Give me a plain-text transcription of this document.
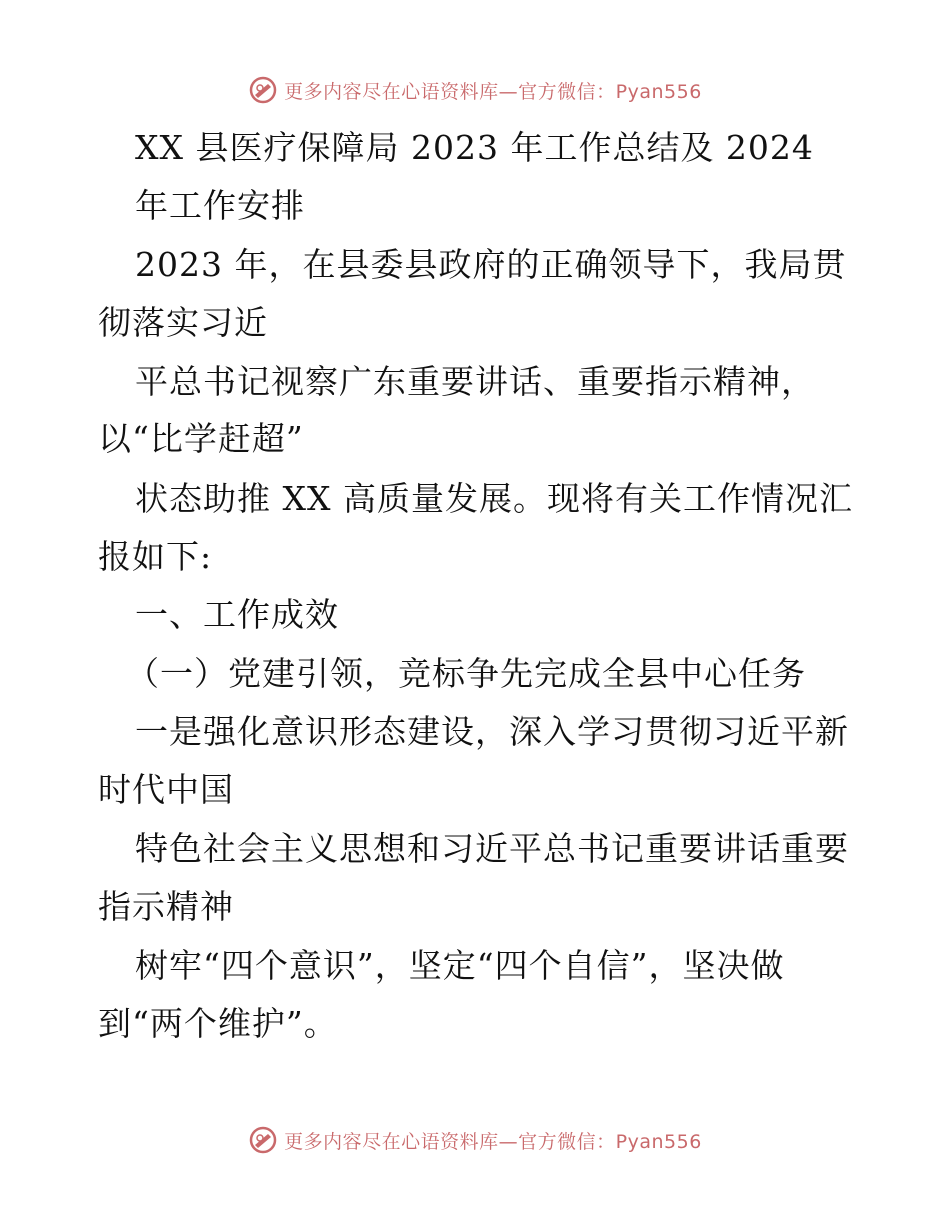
更多内容尽在心语资料库—官方微信：Pyan556
XX 县医疗保障局 2023 年工作总结及 2024
年工作安排
2023 年，在县委县政府的正确领导下，我局贯
彻落实习近
平总书记视察广东重要讲话、重要指示精神，
以“比学赶超”
状态助推 XX 高质量发展。现将有关工作情况汇
报如下:
一、工作成效
（一）党建引领，竞标争先完成全县中心任务
一是强化意识形态建设，深入学习贯彻习近平新
时代中国
特色社会主义思想和习近平总书记重要讲话重要
指示精神
树牢“四个意识”，坚定“四个自信”，坚决做
到“两个维护”。
更多内容尽在心语资料库—官方微信：Pyan556
